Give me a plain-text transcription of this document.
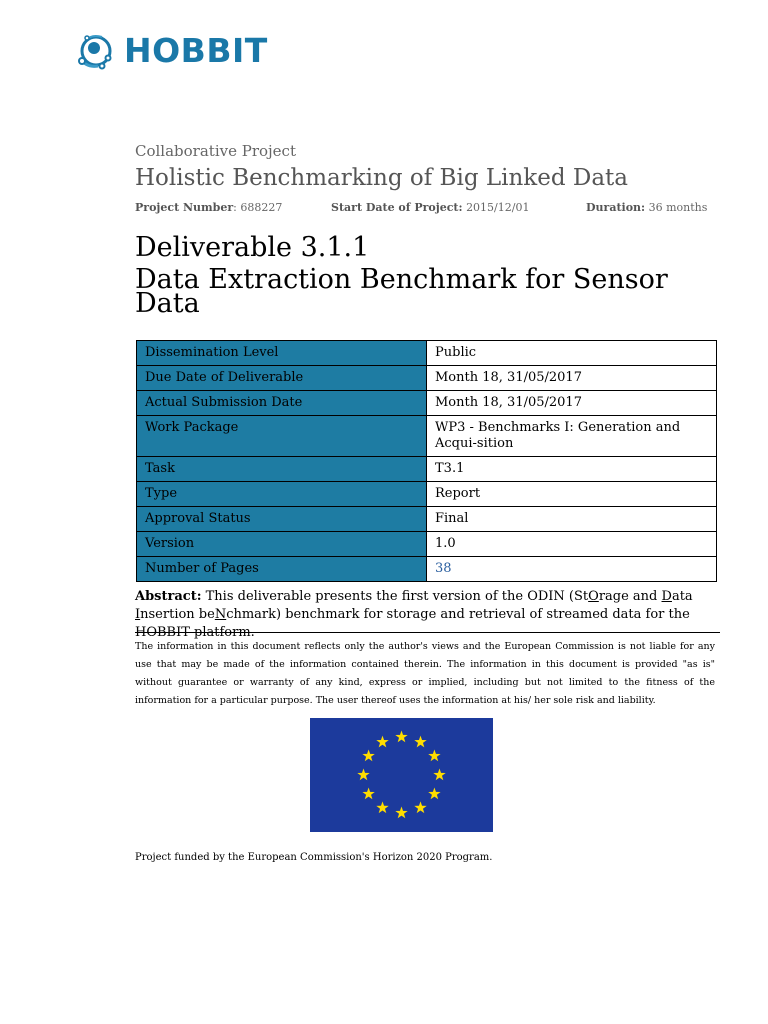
HOBBIT
Collaborative Project
Holistic Benchmarking of Big Linked Data
Project Number: 688227	Start Date of Project: 2015/12/01	Duration: 36 months
Deliverable 3.1.1
Data Extraction Benchmark for Sensor Data
Dissemination Level	Public
Due Date of Deliverable	Month 18, 31/05/2017
Actual Submission Date	Month 18, 31/05/2017
Work Package	WP3 - Benchmarks I: Generation and Acqui-sition
Task	T3.1
Type	Report
Approval Status	Final
Version	1.0
Number of Pages	38
Abstract: This deliverable presents the first version of the ODIN (StOrage and Data Insertion beNchmark) benchmark for storage and retrieval of streamed data for the HOBBIT platform.
The information in this document reflects only the author's views and the European Commission is not liable for any use that may be made of the information contained therein. The information in this document is provided "as is" without guarantee or warranty of any kind, express or implied, including but not limited to the fitness of the information for a particular purpose. The user thereof uses the information at his/ her sole risk and liability.
Project funded by the European Commission's Horizon 2020 Program.
